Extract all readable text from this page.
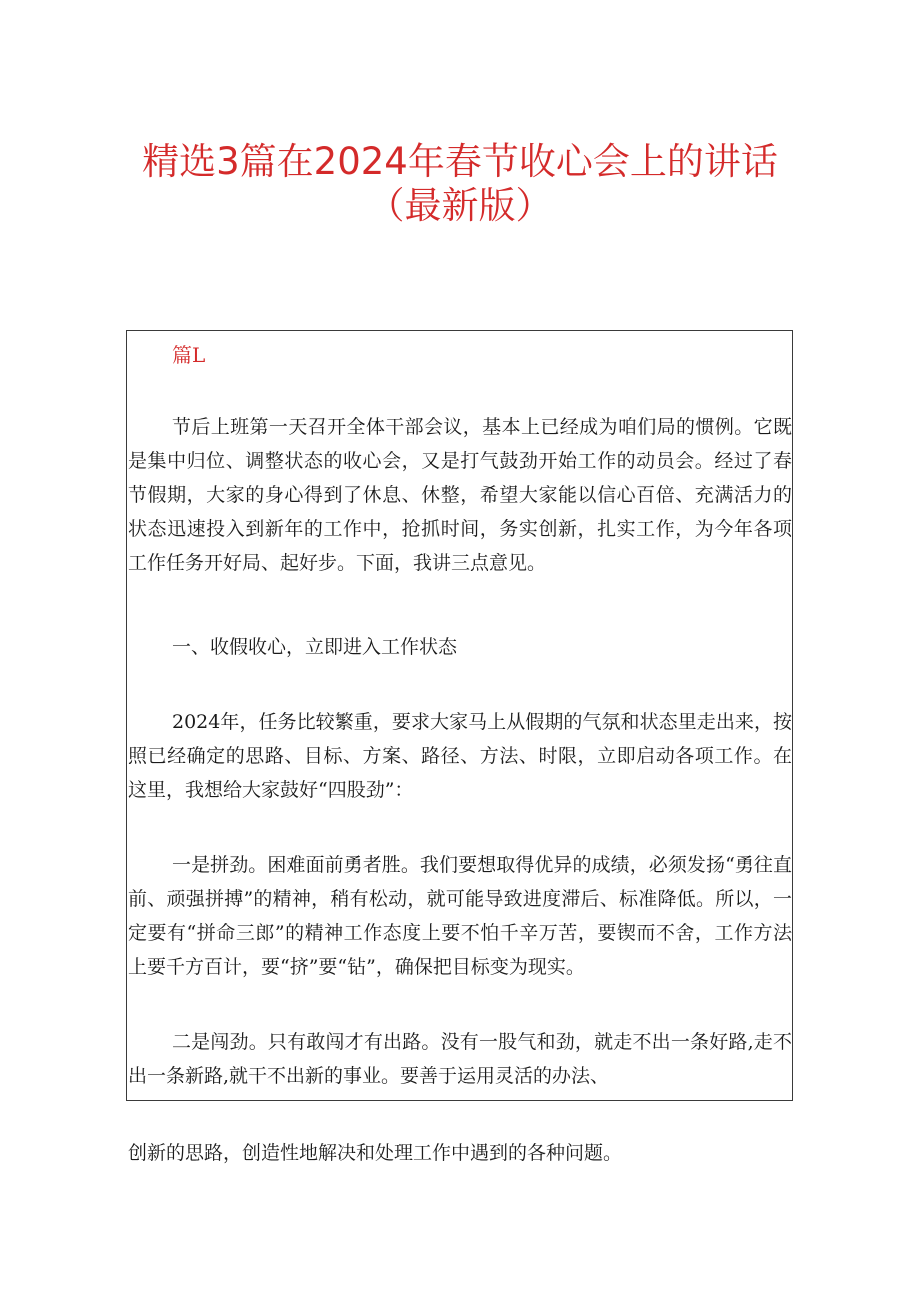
精选3篇在2024年春节收心会上的讲话
（最新版）
篇L

节后上班第一天召开全体干部会议，基本上已经成为咱们局的惯例。它既是集中归位、调整状态的收心会，又是打气鼓劲开始工作的动员会。经过了春节假期，大家的身心得到了休息、休整，希望大家能以信心百倍、充满活力的状态迅速投入到新年的工作中，抢抓时间，务实创新，扎实工作，为今年各项工作任务开好局、起好步。下面，我讲三点意见。

一、收假收心，立即进入工作状态

2024年，任务比较繁重，要求大家马上从假期的气氛和状态里走出来，按照已经确定的思路、目标、方案、路径、方法、时限，立即启动各项工作。在这里，我想给大家鼓好“四股劲”：

一是拼劲。困难面前勇者胜。我们要想取得优异的成绩，必须发扬“勇往直前、顽强拼搏”的精神，稍有松动，就可能导致进度滞后、标准降低。所以，一定要有“拼命三郎”的精神工作态度上要不怕千辛万苦，要锲而不舍，工作方法上要千方百计，要“挤”要“钻”，确保把目标变为现实。

二是闯劲。只有敢闯才有出路。没有一股气和劲，就走不出一条好路,走不出一条新路,就干不出新的事业。要善于运用灵活的办法、

创新的思路，创造性地解决和处理工作中遇到的各种问题。
